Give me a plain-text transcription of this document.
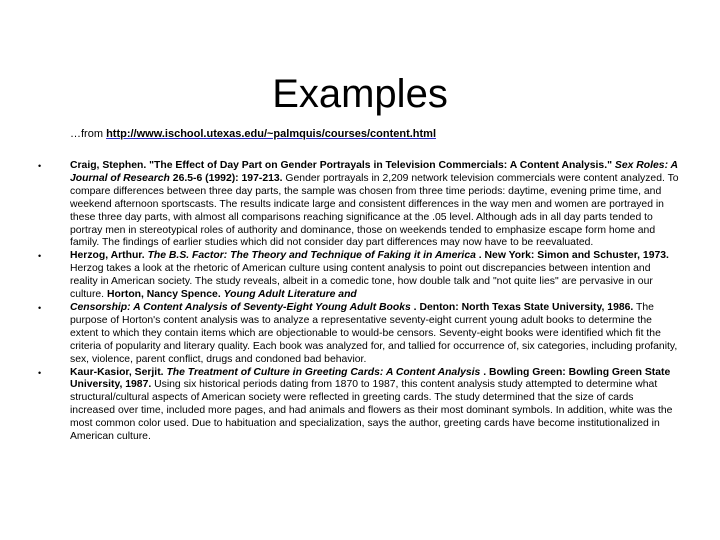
Examples
…from http://www.ischool.utexas.edu/~palmquis/courses/content.html
•	Craig, Stephen. "The Effect of Day Part on Gender Portrayals in Television Commercials: A Content Analysis." Sex Roles: A Journal of Research 26.5-6 (1992): 197-213. Gender portrayals in 2,209 network television commercials were content analyzed. To compare differences between three day parts, the sample was chosen from three time periods: daytime, evening prime time, and weekend afternoon sportscasts. The results indicate large and consistent differences in the way men and women are portrayed in these three day parts, with almost all comparisons reaching significance at the .05 level. Although ads in all day parts tended to portray men in stereotypical roles of authority and dominance, those on weekends tended to emphasize escape form home and family. The findings of earlier studies which did not consider day part differences may now have to be reevaluated.
•	Herzog, Arthur. The B.S. Factor: The Theory and Technique of Faking it in America . New York: Simon and Schuster, 1973. Herzog takes a look at the rhetoric of American culture using content analysis to point out discrepancies between intention and reality in American society. The study reveals, albeit in a comedic tone, how double talk and "not quite lies" are pervasive in our culture. Horton, Nancy Spence. Young Adult Literature and
•	Censorship: A Content Analysis of Seventy-Eight Young Adult Books . Denton: North Texas State University, 1986. The purpose of Horton's content analysis was to analyze a representative seventy-eight current young adult books to determine the extent to which they contain items which are objectionable to would-be censors. Seventy-eight books were identified which fit the criteria of popularity and literary quality. Each book was analyzed for, and tallied for occurrence of, six categories, including profanity, sex, violence, parent conflict, drugs and condoned bad behavior.
•	Kaur-Kasior, Serjit. The Treatment of Culture in Greeting Cards: A Content Analysis . Bowling Green: Bowling Green State University, 1987. Using six historical periods dating from 1870 to 1987, this content analysis study attempted to determine what structural/cultural aspects of American society were reflected in greeting cards. The study determined that the size of cards increased over time, included more pages, and had animals and flowers as their most dominant symbols. In addition, white was the most common color used. Due to habituation and specialization, says the author, greeting cards have become institutionalized in American culture.
